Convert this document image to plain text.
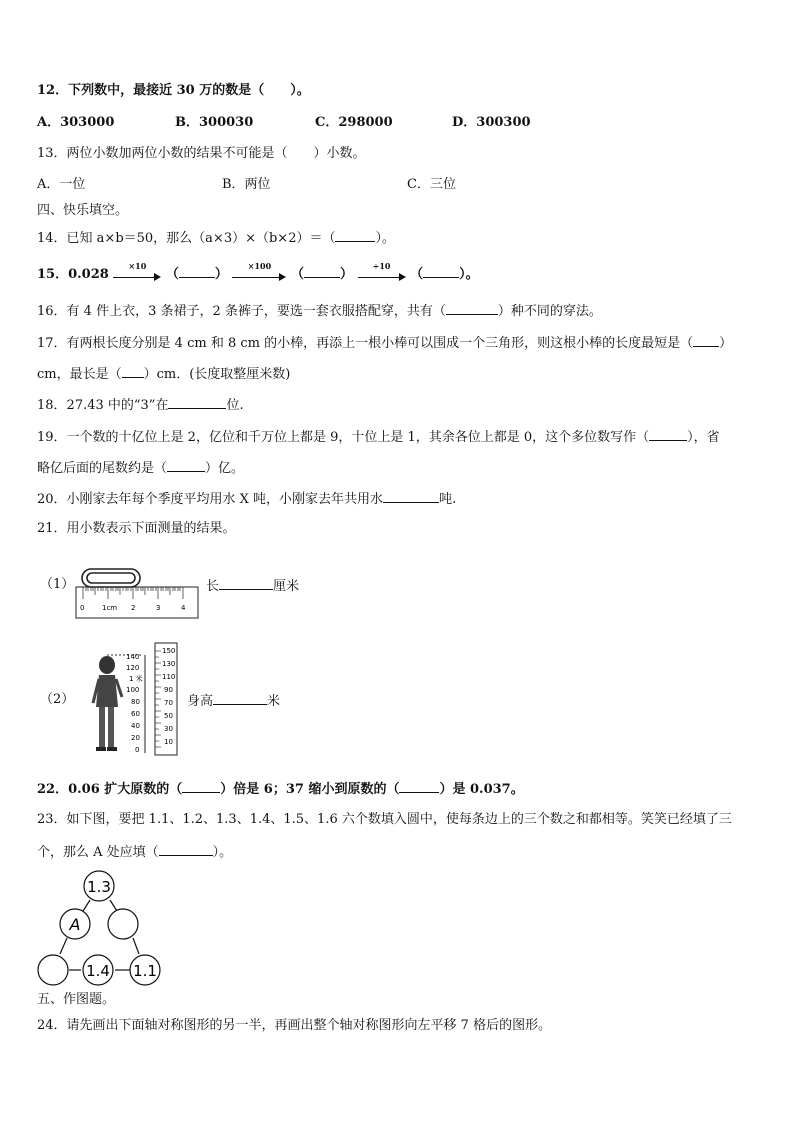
12．下列数中，最接近 30 万的数是（　　）。
A．303000	B．300030	C．298000	D．300300
13．两位小数加两位小数的结果不可能是（　　）小数。
A．一位	B．两位	C．三位
四、快乐填空。
14．已知 a×b＝50，那么（a×3）×（b×2）＝（	）。
15．0.028
×10
（	）
×100
（	）
÷10
（	）。
16．有 4 件上衣，3 条裙子，2 条裤子，要选一套衣服搭配穿，共有（	）种不同的穿法。
17．有两根长度分别是 4 cm 和 8 cm 的小棒，再添上一根小棒可以围成一个三角形，则这根小棒的长度最短是（ ）
cm，最长是（ ）cm．(长度取整厘米数)
18．27.43 中的“3”在	位.
19．一个数的十亿位上是 2，亿位和千万位上都是 9，十位上是 1，其余各位上都是 0，这个多位数写作（	），省
略亿后面的尾数约是（	）亿。
20．小刚家去年每个季度平均用水 X 吨，小刚家去年共用水	吨.
21．用小数表示下面测量的结果。
（1）
0	1cm 2	3	4
长	厘米
（2）
140
120
1 米
100
80
60
40
20
0
150
130
110
90
70
50
30
10
身高	米
22．0.06 扩大原数的（	）倍是 6；37 缩小到原数的（	）是 0.037。
23．如下图，要把 1.1、1.2、1.3、1.4、1.5、1.6 六个数填入圆中，使每条边上的三个数之和都相等。笑笑已经填了三
个，那么 A 处应填（	）。
1.3
A
1.4 1.1
五、作图题。
24．请先画出下面轴对称图形的另一半，再画出整个轴对称图形向左平移 7 格后的图形。
